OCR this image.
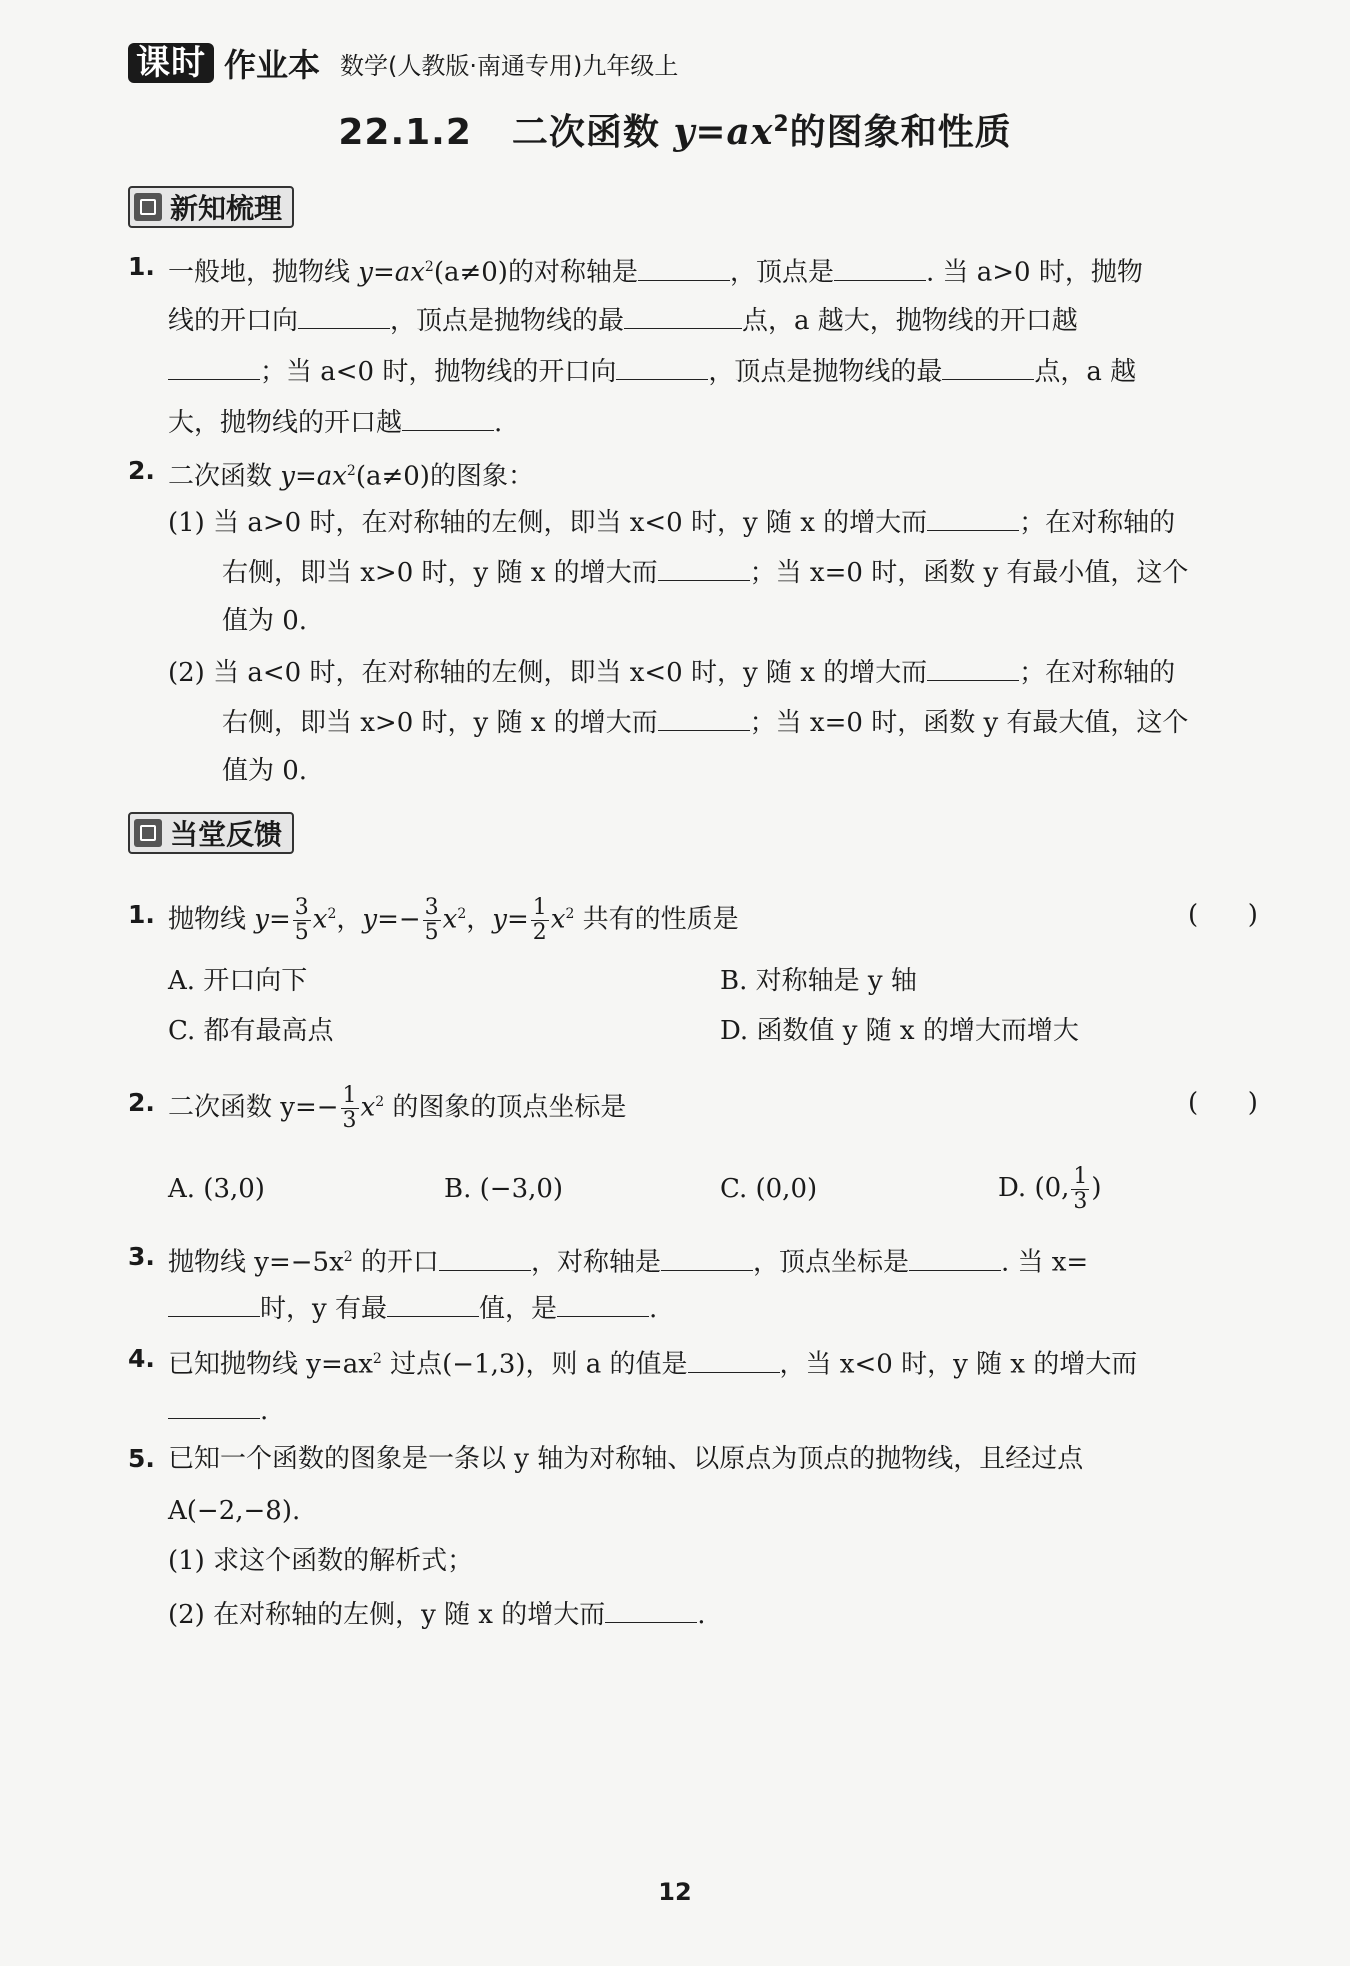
课时 作业本 数学(人教版·南通专用)九年级上
22.1.2 二次函数 $y=ax^2$的图象和性质
新知梳理
1. 一般地，抛物线 $y=ax^2(a\ne 0)$的对称轴是	，顶点是	. 当 a>0 时，抛物
线的开口向	，顶点是抛物线的最	点，a 越大，抛物线的开口越
；当 a<0 时，抛物线的开口向	，顶点是抛物线的最	点，a 越
大，抛物线的开口越	.
2. 二次函数 $y=ax^2(a\ne 0)$的图象：
(1) 当 a>0 时，在对称轴的左侧，即当 x<0 时，y 随 x 的增大而	；在对称轴的
右侧，即当 x>0 时，y 随 x 的增大而	；当 x=0 时，函数 y 有最小值，这个
值为 0.
(2) 当 a<0 时，在对称轴的左侧，即当 x<0 时，y 随 x 的增大而	；在对称轴的
右侧，即当 x>0 时，y 随 x 的增大而	；当 x=0 时，函数 y 有最大值，这个
值为 0.
当堂反馈
1. 抛物线 $y= \frac{3}{5} x^2$，$y=- \frac{3}{5} x^2$，$y= \frac{1}{2} x^2$ 共有的性质是	(      )
A. 开口向下	B. 对称轴是 y 轴
C. 都有最高点	D. 函数值 y 随 x 的增大而增大
2. 二次函数 $y=- \frac{1}{3} x^2$ 的图象的顶点坐标是	(      )
A. (3,0)	B. (−3,0)	C. (0,0)	D. (0, $\frac{1}{3}$ )
3. 抛物线 $y=-5x^2$ 的开口	，对称轴是	，顶点坐标是	. 当 x=
时，y 有最	值，是	.
4. 已知抛物线 $y=ax^2$ 过点(−1,3)，则 a 的值是	，当 x<0 时，y 随 x 的增大而
.
5. 已知一个函数的图象是一条以 y 轴为对称轴、以原点为顶点的抛物线，且经过点
A(−2,−8).
(1) 求这个函数的解析式；
(2) 在对称轴的左侧，y 随 x 的增大而	.
12
